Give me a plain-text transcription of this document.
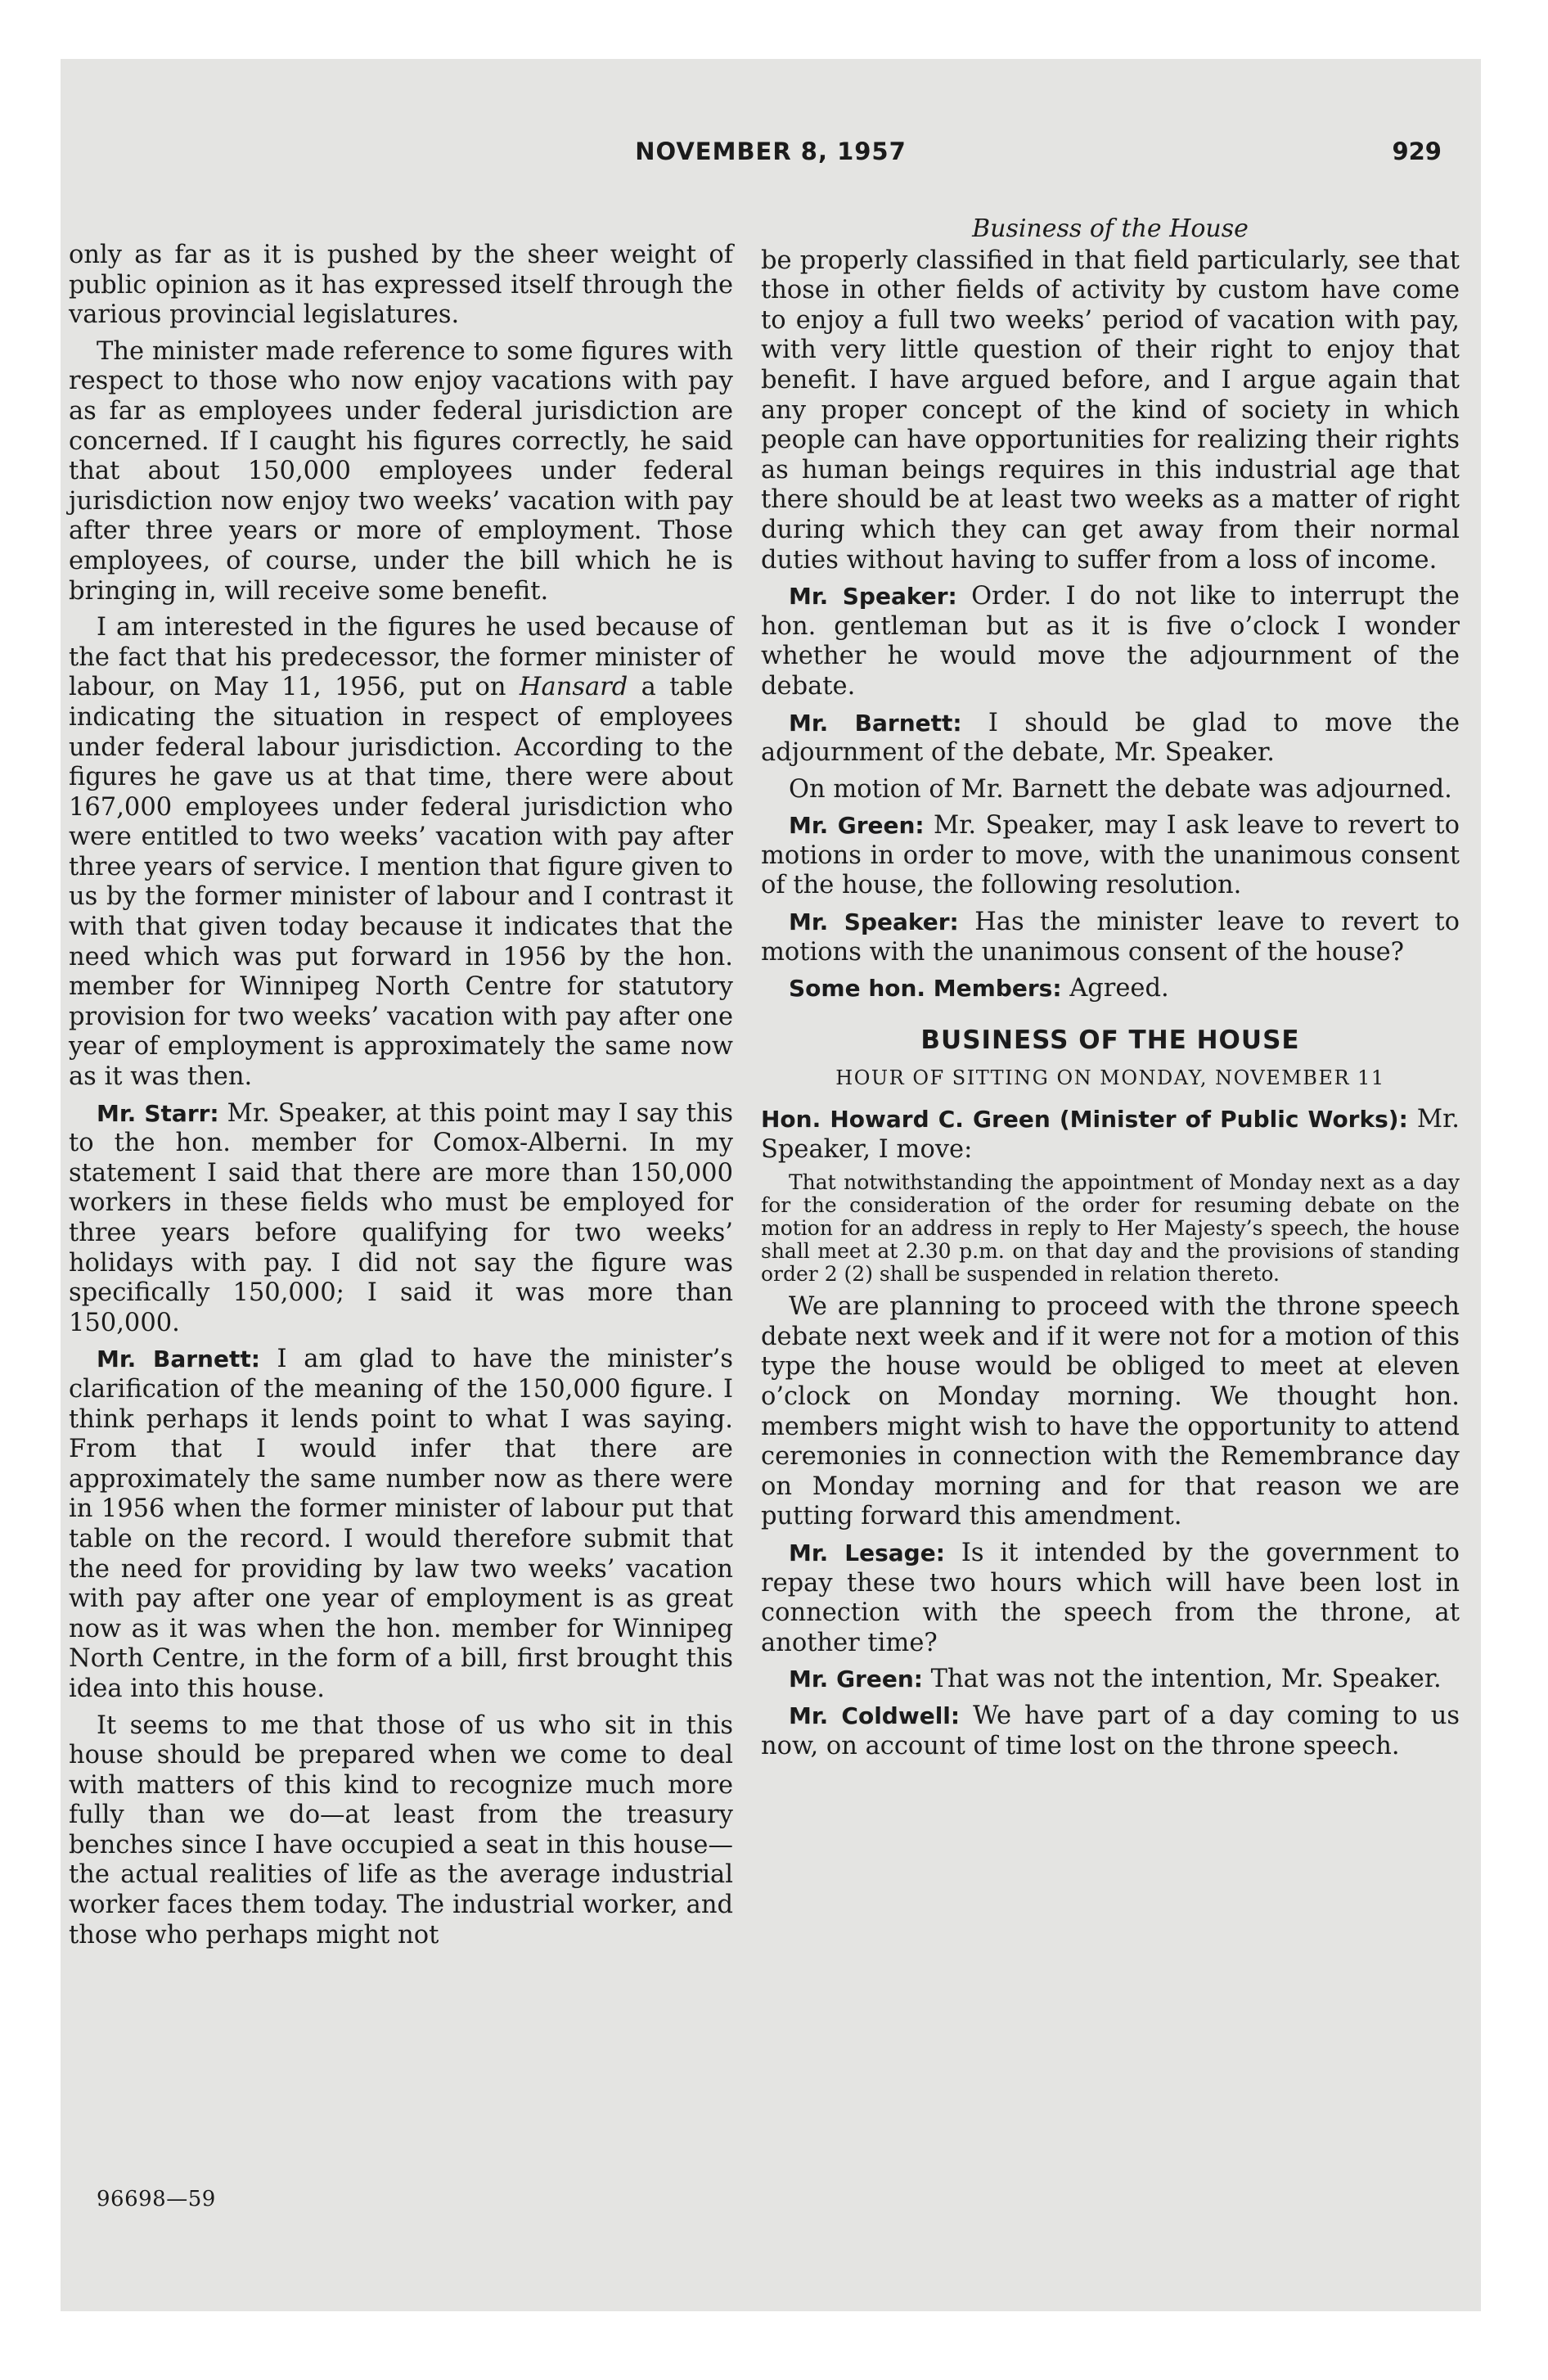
NOVEMBER 8, 1957	929

only as far as it is pushed by the sheer weight of public opinion as it has expressed itself through the various provincial legislatures.

The minister made reference to some figures with respect to those who now enjoy vacations with pay as far as employees under federal jurisdiction are concerned. If I caught his figures correctly, he said that about 150,000 employees under federal jurisdiction now enjoy two weeks’ vacation with pay after three years or more of employment. Those employees, of course, under the bill which he is bringing in, will receive some benefit.

I am interested in the figures he used because of the fact that his predecessor, the former minister of labour, on May 11, 1956, put on Hansard a table indicating the situation in respect of employees under federal labour jurisdiction. According to the figures he gave us at that time, there were about 167,000 employees under federal jurisdiction who were entitled to two weeks’ vacation with pay after three years of service. I mention that figure given to us by the former minister of labour and I contrast it with that given today because it indicates that the need which was put forward in 1956 by the hon. member for Winnipeg North Centre for statutory provision for two weeks’ vacation with pay after one year of employment is approximately the same now as it was then.

Mr. Starr: Mr. Speaker, at this point may I say this to the hon. member for Comox-Alberni. In my statement I said that there are more than 150,000 workers in these fields who must be employed for three years before qualifying for two weeks’ holidays with pay. I did not say the figure was specifically 150,000; I said it was more than 150,000.

Mr. Barnett: I am glad to have the minister’s clarification of the meaning of the 150,000 figure. I think perhaps it lends point to what I was saying. From that I would infer that there are approximately the same number now as there were in 1956 when the former minister of labour put that table on the record. I would therefore submit that the need for providing by law two weeks’ vacation with pay after one year of employment is as great now as it was when the hon. member for Winnipeg North Centre, in the form of a bill, first brought this idea into this house.

It seems to me that those of us who sit in this house should be prepared when we come to deal with matters of this kind to recognize much more fully than we do—at least from the treasury benches since I have occupied a seat in this house—the actual realities of life as the average industrial worker faces them today. The industrial worker, and those who perhaps might not

96698—59
Business of the House

be properly classified in that field particularly, see that those in other fields of activity by custom have come to enjoy a full two weeks’ period of vacation with pay, with very little question of their right to enjoy that benefit. I have argued before, and I argue again that any proper concept of the kind of society in which people can have opportunities for realizing their rights as human beings requires in this industrial age that there should be at least two weeks as a matter of right during which they can get away from their normal duties without having to suffer from a loss of income.

Mr. Speaker: Order. I do not like to interrupt the hon. gentleman but as it is five o’clock I wonder whether he would move the adjournment of the debate.

Mr. Barnett: I should be glad to move the adjournment of the debate, Mr. Speaker.

On motion of Mr. Barnett the debate was adjourned.

Mr. Green: Mr. Speaker, may I ask leave to revert to motions in order to move, with the unanimous consent of the house, the following resolution.

Mr. Speaker: Has the minister leave to revert to motions with the unanimous consent of the house?

Some hon. Members: Agreed.

BUSINESS OF THE HOUSE
HOUR OF SITTING ON MONDAY, NOVEMBER 11

Hon. Howard C. Green (Minister of Public Works): Mr. Speaker, I move:

That notwithstanding the appointment of Monday next as a day for the consideration of the order for resuming debate on the motion for an address in reply to Her Majesty’s speech, the house shall meet at 2.30 p.m. on that day and the provisions of standing order 2 (2) shall be suspended in relation thereto.

We are planning to proceed with the throne speech debate next week and if it were not for a motion of this type the house would be obliged to meet at eleven o’clock on Monday morning. We thought hon. members might wish to have the opportunity to attend ceremonies in connection with the Remembrance day on Monday morning and for that reason we are putting forward this amendment.

Mr. Lesage: Is it intended by the government to repay these two hours which will have been lost in connection with the speech from the throne, at another time?

Mr. Green: That was not the intention, Mr. Speaker.

Mr. Coldwell: We have part of a day coming to us now, on account of time lost on the throne speech.
